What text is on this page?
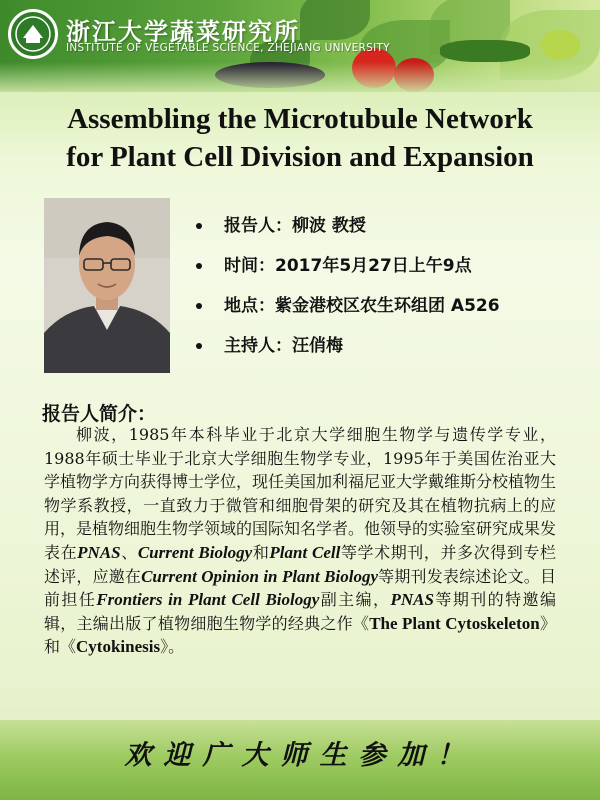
浙江大学蔬菜研究所
INSTITUTE OF VEGETABLE SCIENCE, ZHEJIANG UNIVERSITY
Assembling the Microtubule Network
for Plant Cell Division and Expansion
报告人：柳波 教授
时间：2017年5月27日上午9点
地点：紫金港校区农生环组团 A526
主持人：汪俏梅
报告人简介：

柳波，1985年本科毕业于北京大学细胞生物学与遗传学专业，1988年硕士毕业于北京大学细胞生物学专业，1995年于美国佐治亚大学植物学方向获得博士学位，现任美国加利福尼亚大学戴维斯分校植物生物学系教授，一直致力于微管和细胞骨架的研究及其在植物抗病上的应用，是植物细胞生物学领域的国际知名学者。他领导的实验室研究成果发表在PNAS、Current Biology和Plant Cell等学术期刊，并多次得到专栏述评，应邀在Current Opinion in Plant Biology等期刊发表综述论文。目前担任Frontiers in Plant Cell Biology副主编，PNAS等期刊的特邀编辑，主编出版了植物细胞生物学的经典之作《The Plant Cytoskeleton》和《Cytokinesis》。

欢迎广大师生参加！
